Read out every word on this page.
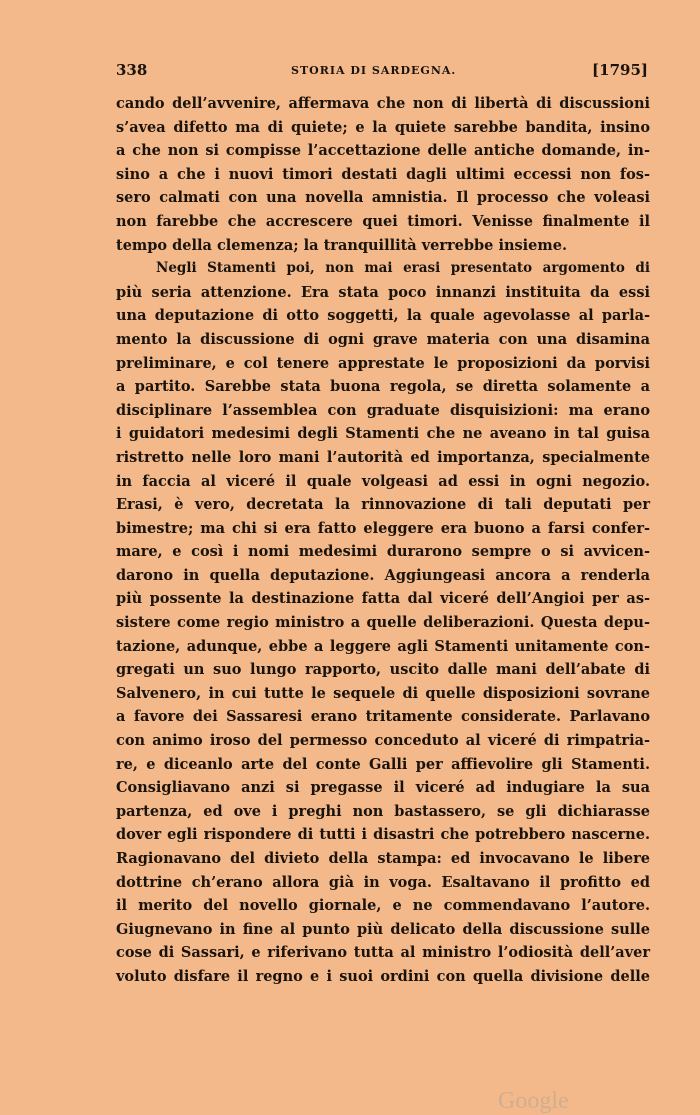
338	STORIA DI SARDEGNA.	[1795]
cando dell’avvenire, affermava che non di libertà di discussioni
s’avea difetto ma di quiete; e la quiete sarebbe bandita, insino
a che non si compisse l’accettazione delle antiche domande, in-
sino a che i nuovi timori destati dagli ultimi eccessi non fos-
sero calmati con una novella amnistia. Il processo che voleasi
non farebbe che accrescere quei timori. Venisse finalmente il
tempo della clemenza; la tranquillità verrebbe insieme.
Negli Stamenti poi, non mai erasi presentato argomento di
più seria attenzione. Era stata poco innanzi instituita da essi
una deputazione di otto soggetti, la quale agevolasse al parla-
mento la discussione di ogni grave materia con una disamina
preliminare, e col tenere apprestate le proposizioni da porvisi
a partito. Sarebbe stata buona regola, se diretta solamente a
disciplinare l’assemblea con graduate disquisizioni: ma erano
i guidatori medesimi degli Stamenti che ne aveano in tal guisa
ristretto nelle loro mani l’autorità ed importanza, specialmente
in faccia al viceré il quale volgeasi ad essi in ogni negozio.
Erasi, è vero, decretata la rinnovazione di tali deputati per
bimestre; ma chi si era fatto eleggere era buono a farsi confer-
mare, e così i nomi medesimi durarono sempre o si avvicen-
darono in quella deputazione. Aggiungeasi ancora a renderla
più possente la destinazione fatta dal viceré dell’Angioi per as-
sistere come regio ministro a quelle deliberazioni. Questa depu-
tazione, adunque, ebbe a leggere agli Stamenti unitamente con-
gregati un suo lungo rapporto, uscito dalle mani dell’abate di
Salvenero, in cui tutte le sequele di quelle disposizioni sovrane
a favore dei Sassaresi erano tritamente considerate. Parlavano
con animo iroso del permesso conceduto al viceré di rimpatria-
re, e diceanlo arte del conte Galli per affievolire gli Stamenti.
Consigliavano anzi si pregasse il viceré ad indugiare la sua
partenza, ed ove i preghi non bastassero, se gli dichiarasse
dover egli rispondere di tutti i disastri che potrebbero nascerne.
Ragionavano del divieto della stampa: ed invocavano le libere
dottrine ch’erano allora già in voga. Esaltavano il profitto ed
il merito del novello giornale, e ne commendavano l’autore.
Giugnevano in fine al punto più delicato della discussione sulle
cose di Sassari, e riferivano tutta al ministro l’odiosità dell’aver
voluto disfare il regno e i suoi ordini con quella divisione delle
Google
